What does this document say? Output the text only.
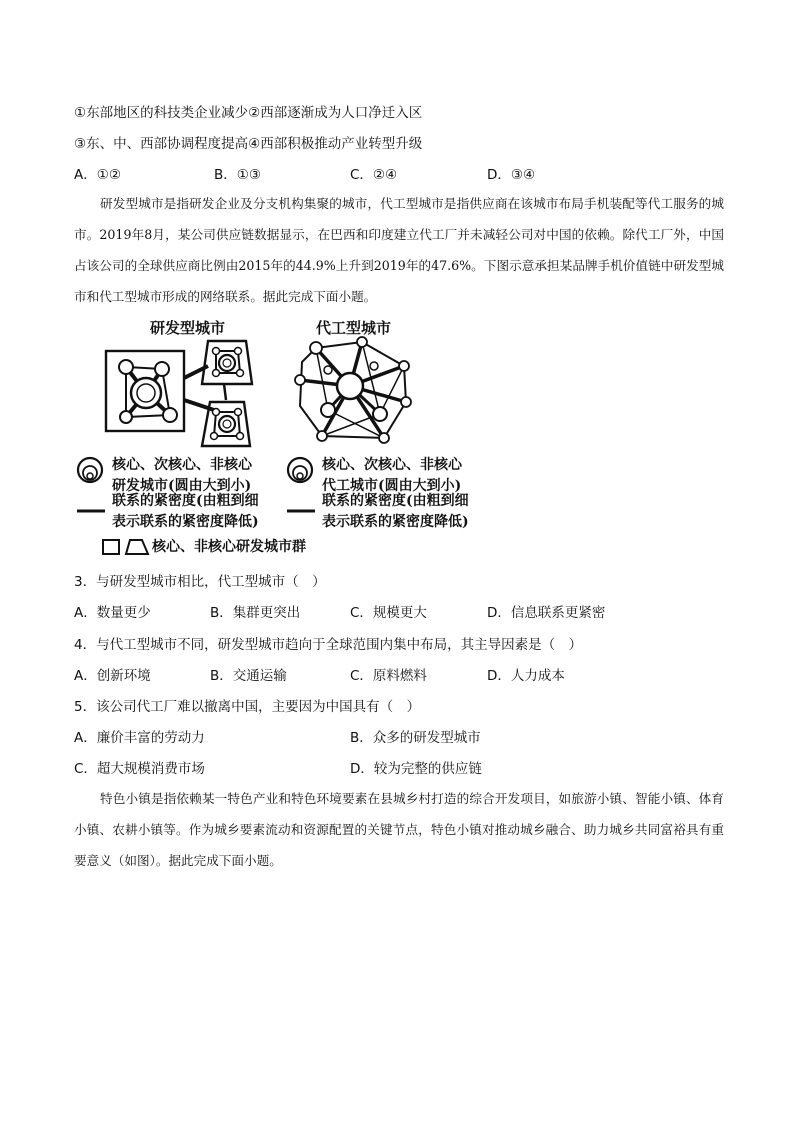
①东部地区的科技类企业减少②西部逐渐成为人口净迁入区
③东、中、西部协调程度提高④西部积极推动产业转型升级
A．①②	B．①③	C．②④	D．③④
研发型城市是指研发企业及分支机构集聚的城市，代工型城市是指供应商在该城市布局手机装配等代工服务的城市。2019年8月，某公司供应链数据显示，在巴西和印度建立代工厂并未减轻公司对中国的依赖。除代工厂外，中国占该公司的全球供应商比例由2015年的44.9%上升到2019年的47.6%。下图示意承担某品牌手机价值链中研发型城市和代工型城市形成的网络联系。据此完成下面小题。
研发型城市	代工型城市
核心、次核心、非核心
研发城市(圆由大到小)
联系的紧密度(由粗到细
表示联系的紧密度降低)
核心、次核心、非核心
代工城市(圆由大到小)
联系的紧密度(由粗到细
表示联系的紧密度降低)
核心、非核心研发城市群
3．与研发型城市相比，代工型城市（　）
A．数量更少	B．集群更突出	C．规模更大	D．信息联系更紧密
4．与代工型城市不同，研发型城市趋向于全球范围内集中布局，其主导因素是（　）
A．创新环境	B．交通运输	C．原料燃料	D．人力成本
5．该公司代工厂难以撤离中国，主要因为中国具有（　）
A．廉价丰富的劳动力	B．众多的研发型城市
C．超大规模消费市场	D．较为完整的供应链
特色小镇是指依赖某一特色产业和特色环境要素在县城乡村打造的综合开发项目，如旅游小镇、智能小镇、体育小镇、农耕小镇等。作为城乡要素流动和资源配置的关键节点，特色小镇对推动城乡融合、助力城乡共同富裕具有重要意义（如图）。据此完成下面小题。
